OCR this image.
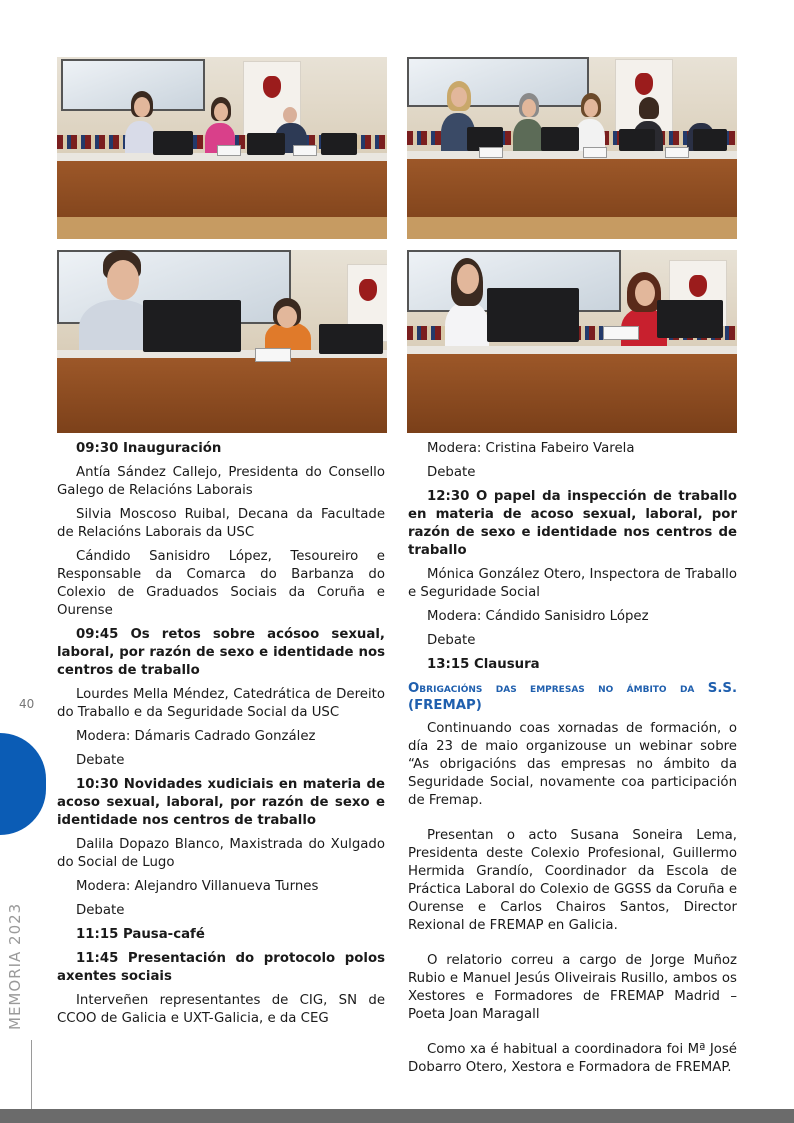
09:30 Inauguración

Antía Sández Callejo, Presidenta do Consello Galego de Relacións Laborais

Silvia Moscoso Ruibal, Decana da Facultade de Relacións Laborais da USC

Cándido Sanisidro López, Tesoureiro e Responsable da Comarca do Barbanza do Colexio de Graduados Sociais da Coruña e Ourense

09:45 Os retos sobre acósoo sexual, laboral, por razón de sexo e identidade nos centros de traballo

Lourdes Mella Méndez, Catedrática de Dereito do Traballo e da Seguridade Social da USC

Modera: Dámaris Cadrado González

Debate

10:30 Novidades xudiciais en materia de acoso sexual, laboral, por razón de sexo e identidade nos centros de traballo

Dalila Dopazo Blanco, Maxistrada do Xulgado do Social de Lugo

Modera: Alejandro Villanueva Turnes

Debate

11:15 Pausa-café

11:45 Presentación do protocolo polos axentes sociais

Interveñen representantes de CIG, SN de CCOO de Galicia e UXT-Galicia, e da CEG

Modera: Cristina Fabeiro Varela

Debate

12:30 O papel da inspección de traballo en materia de acoso sexual, laboral, por razón de sexo e identidade nos centros de traballo

Mónica González Otero, Inspectora de Traballo e Seguridade Social

Modera: Cándido Sanisidro López

Debate

13:15 Clausura

Obrigacións das empresas no ámbito da S.S. (FREMAP)

Continuando coas xornadas de formación, o día 23 de maio organizouse un webinar sobre “As obrigacións das empresas no ámbito da Seguridade Social, novamente coa participación de Fremap.

Presentan o acto Susana Soneira Lema, Presidenta deste Colexio Profesional, Guillermo Hermida Grandío, Coordinador da Escola de Práctica Laboral do Colexio de GGSS da Coruña e Ourense e Carlos Chairos Santos, Director Rexional de FREMAP en Galicia.

O relatorio correu a cargo de Jorge Muñoz Rubio e Manuel Jesús Oliveirais Rusillo, ambos os Xestores e Formadores de FREMAP Madrid – Poeta Joan Maragall

Como xa é habitual a coordinadora foi Mª José Dobarro Otero, Xestora e Formadora de FREMAP.

40
MEMORIA 2023
